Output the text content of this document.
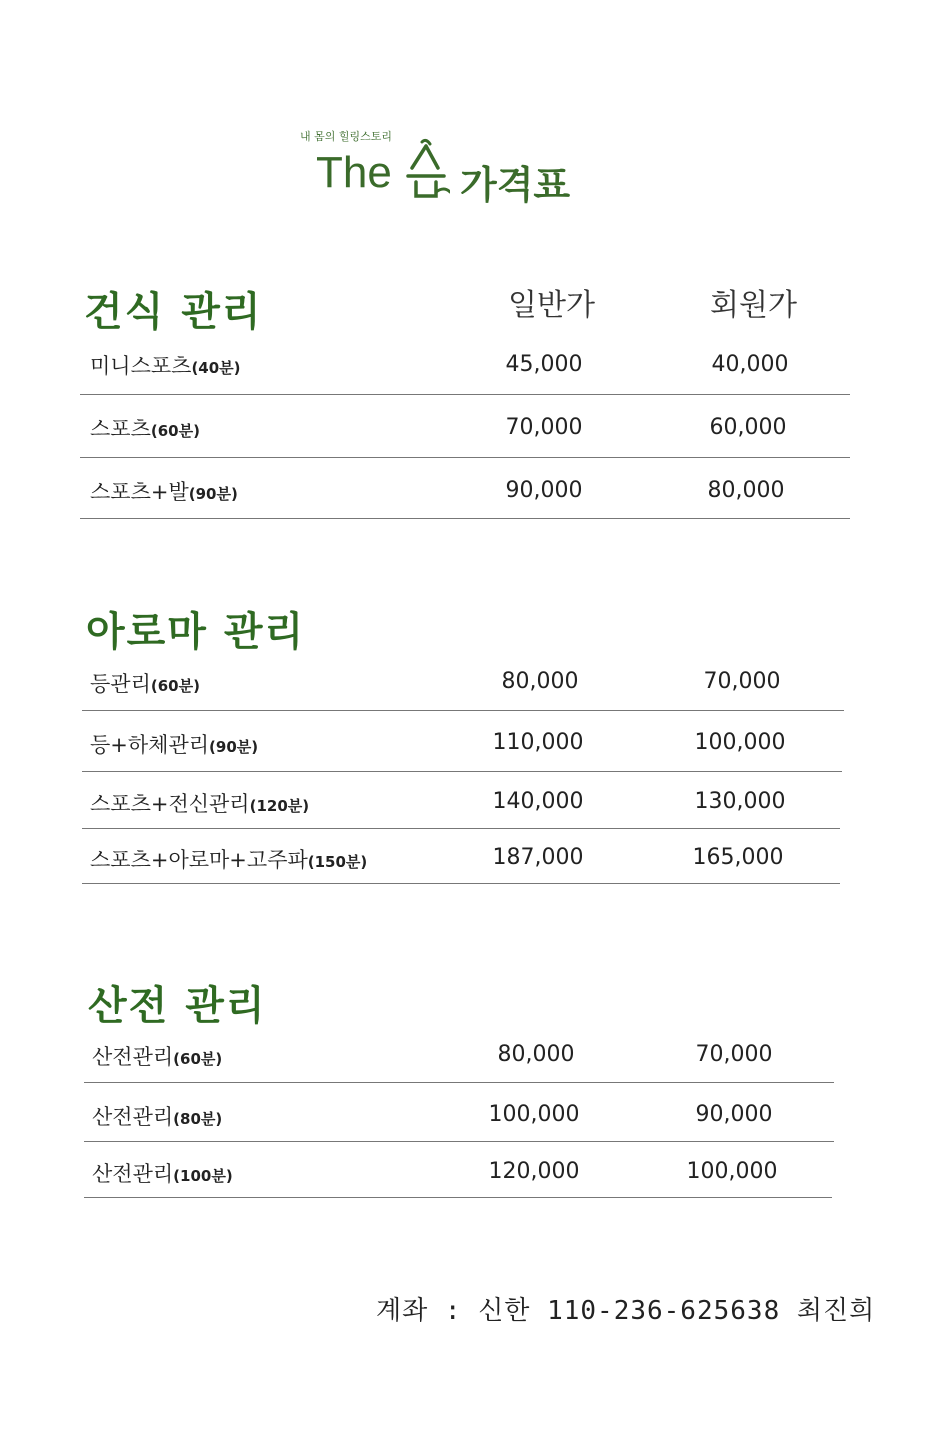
내 몸의 힐링스토리
The 가격표
일반가	회원가
건식 관리
미니스포츠(40분)	45,000	40,000
스포츠(60분)	70,000	60,000
스포츠+발(90분)	90,000	80,000
아로마 관리
등관리(60분)	80,000	70,000
등+하체관리(90분)	110,000	100,000
스포츠+전신관리(120분)	140,000	130,000
스포츠+아로마+고주파(150분)	187,000	165,000
산전 관리
산전관리(60분)	80,000	70,000
산전관리(80분)	100,000	90,000
산전관리(100분)	120,000	100,000
계좌 : 신한 110-236-625638 최진희
